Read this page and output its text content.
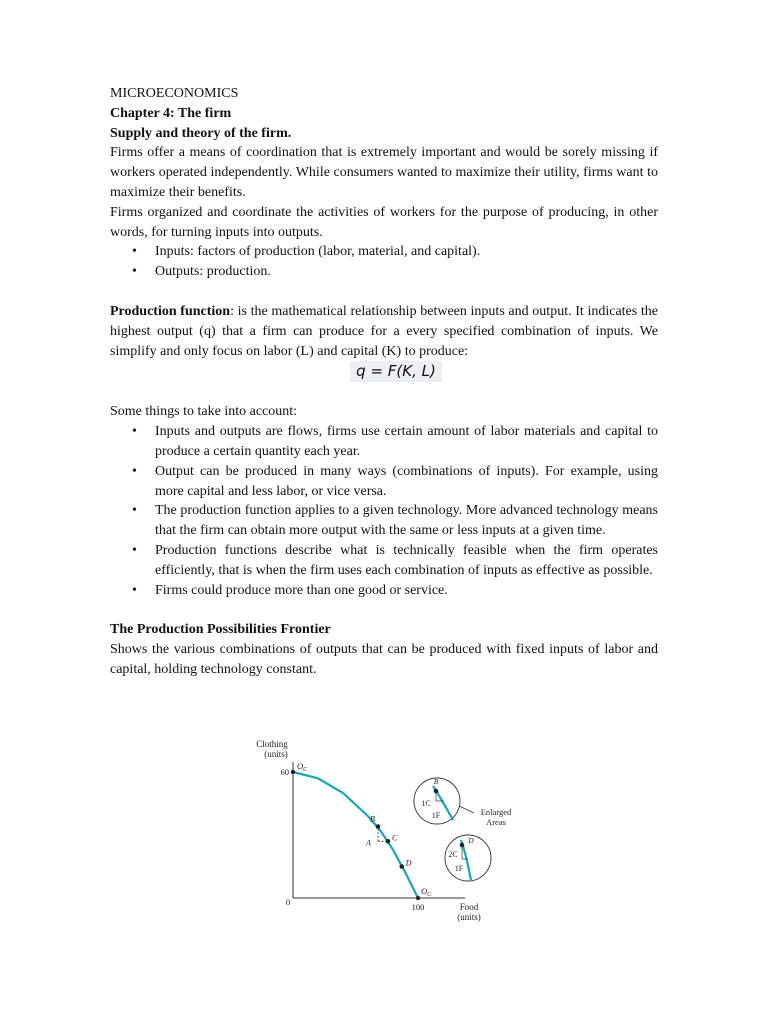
MICROECONOMICS

Chapter 4: The firm

Supply and theory of the firm.

Firms offer a means of coordination that is extremely important and would be sorely missing if workers operated independently. While consumers wanted to maximize their utility, firms want to maximize their benefits.

Firms organized and coordinate the activities of workers for the purpose of producing, in other words, for turning inputs into outputs.

• Inputs: factors of production (labor, material, and capital).
• Outputs: production.

Production function: is the mathematical relationship between inputs and output. It indicates the highest output (q) that a firm can produce for a every specified combination of inputs. We simplify and only focus on labor (L) and capital (K) to produce:

q = F(K, L)

Some things to take into account:

• Inputs and outputs are flows, firms use certain amount of labor materials and capital to produce a certain quantity each year.
• Output can be produced in many ways (combinations of inputs). For example, using more capital and less labor, or vice versa.
• The production function applies to a given technology. More advanced technology means that the firm can obtain more output with the same or less inputs at a given time.
• Production functions describe what is technically feasible when the firm operates efficiently, that is when the firm uses each combination of inputs as effective as possible.
• Firms could produce more than one good or service.

The Production Possibilities Frontier

Shows the various combinations of outputs that can be produced with fixed inputs of labor and capital, holding technology constant.

Clothing
(units)
Food
(units)
60
100
0
$O_C$
$O_C$
B
C
D
A
B
1C
1F
D
2C
1F
Enlarged
Areas
